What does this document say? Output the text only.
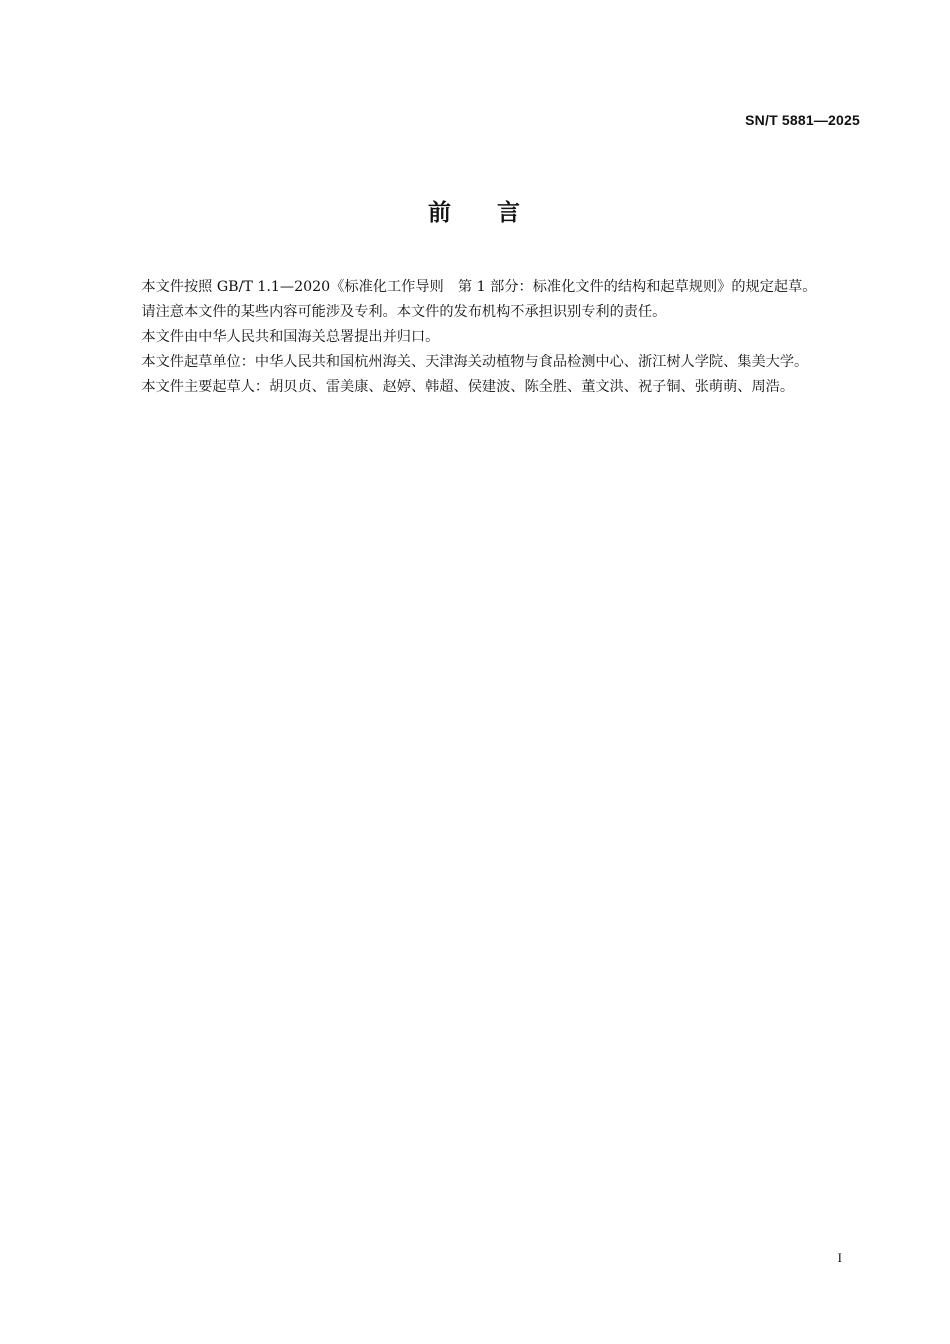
SN/T 5881—2025
前 言

本文件按照 GB/T 1.1—2020《标准化工作导则　第 1 部分：标准化文件的结构和起草规则》的规定起草。

请注意本文件的某些内容可能涉及专利。本文件的发布机构不承担识别专利的责任。

本文件由中华人民共和国海关总署提出并归口。

本文件起草单位：中华人民共和国杭州海关、天津海关动植物与食品检测中心、浙江树人学院、集美大学。

本文件主要起草人：胡贝贞、雷美康、赵婷、韩超、侯建波、陈全胜、董文洪、祝子铜、张萌萌、周浩。

I
